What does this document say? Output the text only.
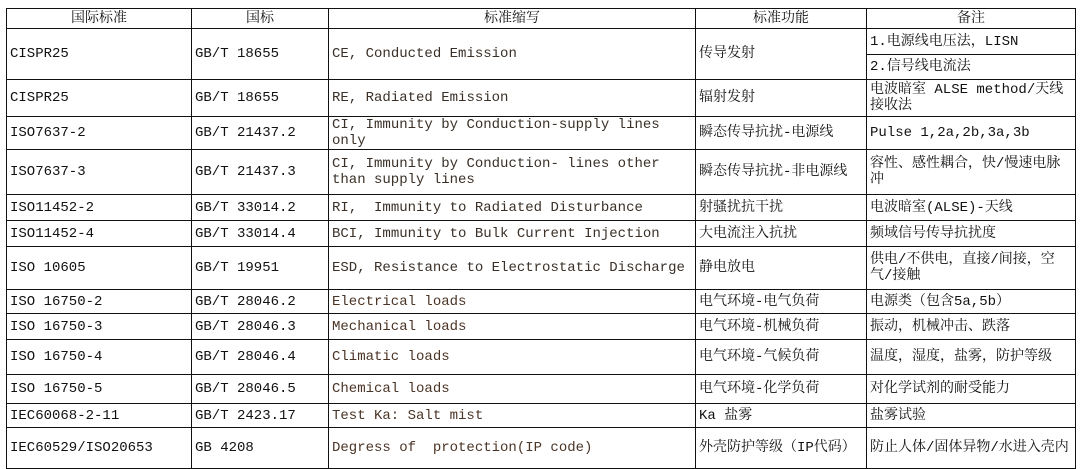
国际标准	国标	标准缩写	标准功能	备注
CISPR25	GB/T 18655	CE, Conducted Emission	传导发射	1.电源线电压法，LISN
				2.信号线电流法
CISPR25	GB/T 18655	RE, Radiated Emission	辐射发射	电波暗室 ALSE method/天线接收法
ISO7637-2	GB/T 21437.2	CI, Immunity by Conduction-supply lines only	瞬态传导抗扰-电源线	Pulse 1,2a,2b,3a,3b
ISO7637-3	GB/T 21437.3	CI, Immunity by Conduction- lines other than supply lines	瞬态传导抗扰-非电源线	容性、感性耦合，快/慢速电脉冲
ISO11452-2	GB/T 33014.2	RI,  Immunity to Radiated Disturbance	射骚扰抗干扰	电波暗室(ALSE)-天线
ISO11452-4	GB/T 33014.4	BCI, Immunity to Bulk Current Injection	大电流注入抗扰	频域信号传导抗扰度
ISO 10605	GB/T 19951	ESD, Resistance to Electrostatic Discharge	静电放电	供电/不供电，直接/间接，空气/接触
ISO 16750-2	GB/T 28046.2	Electrical loads	电气环境-电气负荷	电源类（包含5a,5b）
ISO 16750-3	GB/T 28046.3	Mechanical loads	电气环境-机械负荷	振动，机械冲击、跌落
ISO 16750-4	GB/T 28046.4	Climatic loads	电气环境-气候负荷	温度，湿度，盐雾，防护等级
ISO 16750-5	GB/T 28046.5	Chemical loads	电气环境-化学负荷	对化学试剂的耐受能力
IEC60068-2-11	GB/T 2423.17	Test Ka: Salt mist	Ka 盐雾	盐雾试验
IEC60529/ISO20653	GB 4208	Degress of  protection(IP code)	外壳防护等级（IP代码）	防止人体/固体异物/水进入壳内
